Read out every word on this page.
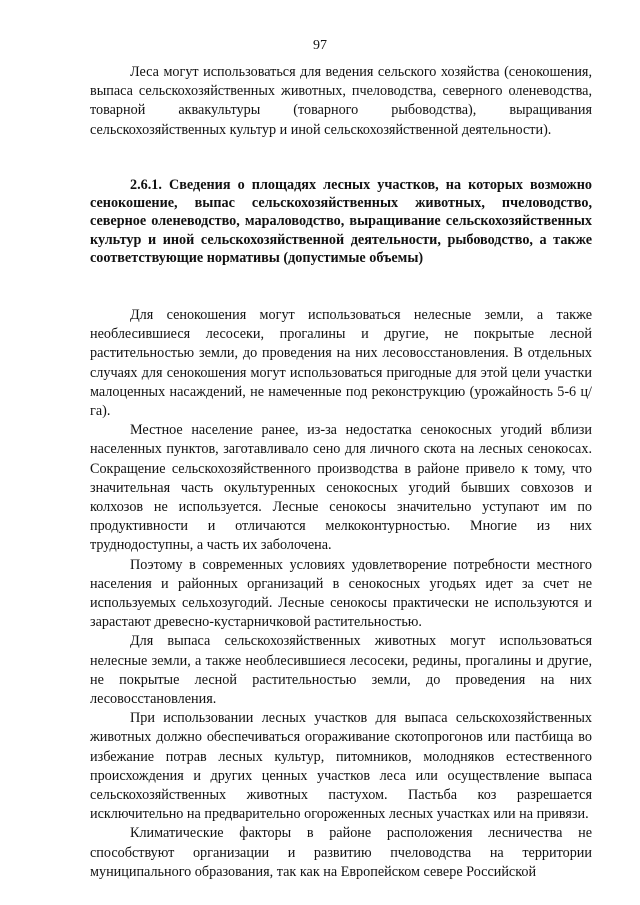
97

Леса могут использоваться для ведения сельского хозяйства (сенокошения, выпаса сельскохозяйственных животных, пчеловодства, северного оленеводства, товарной аквакультуры (товарного рыбоводства), выращивания сельскохозяйственных культур и иной сельскохозяйственной деятельности).

2.6.1. Сведения о площадях лесных участков, на которых возможно сенокошение, выпас сельскохозяйственных животных, пчеловодство, северное оленеводство, мараловодство, выращивание сельскохозяйственных культур и иной сельскохозяйственной деятельности, рыбоводство, а также соответствующие нормативы (допустимые объемы)

Для сенокошения могут использоваться нелесные земли, а также необлесившиеся лесосеки, прогалины и другие, не покрытые лесной растительностью земли, до проведения на них лесовосстановления. В отдельных случаях для сенокошения могут использоваться пригодные для этой цели участки малоценных насаждений, не намеченные под реконструкцию (урожайность 5-6 ц/га).

Местное население ранее, из-за недостатка сенокосных угодий вблизи населенных пунктов, заготавливало сено для личного скота на лесных сенокосах. Сокращение сельскохозяйственного производства в районе привело к тому, что значительная часть окультуренных сенокосных угодий бывших совхозов и колхозов не используется. Лесные сенокосы значительно уступают им по продуктивности и отличаются мелкоконтурностью. Многие из них труднодоступны, а часть их заболочена.

Поэтому в современных условиях удовлетворение потребности местного населения и районных организаций в сенокосных угодьях идет за счет не используемых сельхозугодий. Лесные сенокосы практически не используются и зарастают древесно-кустарничковой растительностью.

Для выпаса сельскохозяйственных животных могут использоваться нелесные земли, а также необлесившиеся лесосеки, редины, прогалины и другие, не покрытые лесной растительностью земли, до проведения на них лесовосстановления.

При использовании лесных участков для выпаса сельскохозяйственных животных должно обеспечиваться огораживание скотопрогонов или пастбища во избежание потрав лесных культур, питомников, молодняков естественного происхождения и других ценных участков леса или осуществление выпаса сельскохозяйственных животных пастухом. Пастьба коз разрешается исключительно на предварительно огороженных лесных участках или на привязи.

Климатические факторы в районе расположения лесничества не способствуют организации и развитию пчеловодства на территории муниципального образования, так как на Европейском севере Российской
